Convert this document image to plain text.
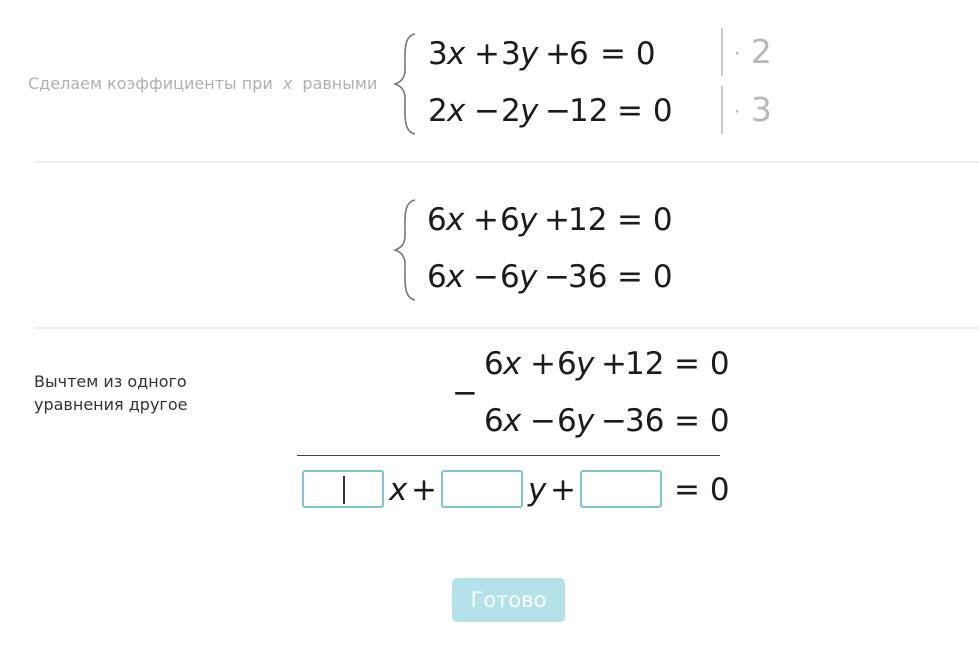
Сделаем коэффициенты при x равными
3 x + 3 y +
6 = 0
2 x − 2 y −
12 = 0
· 2
· 3
6 x + 6 y +
12 = 0
6 x − 6 y −
36 = 0
Вычтем из одного
уравнения другое	−
6 x + 6 y +
12 = 0
6 x − 6 y −
36 = 0
x +	y +	= 0
Готово
